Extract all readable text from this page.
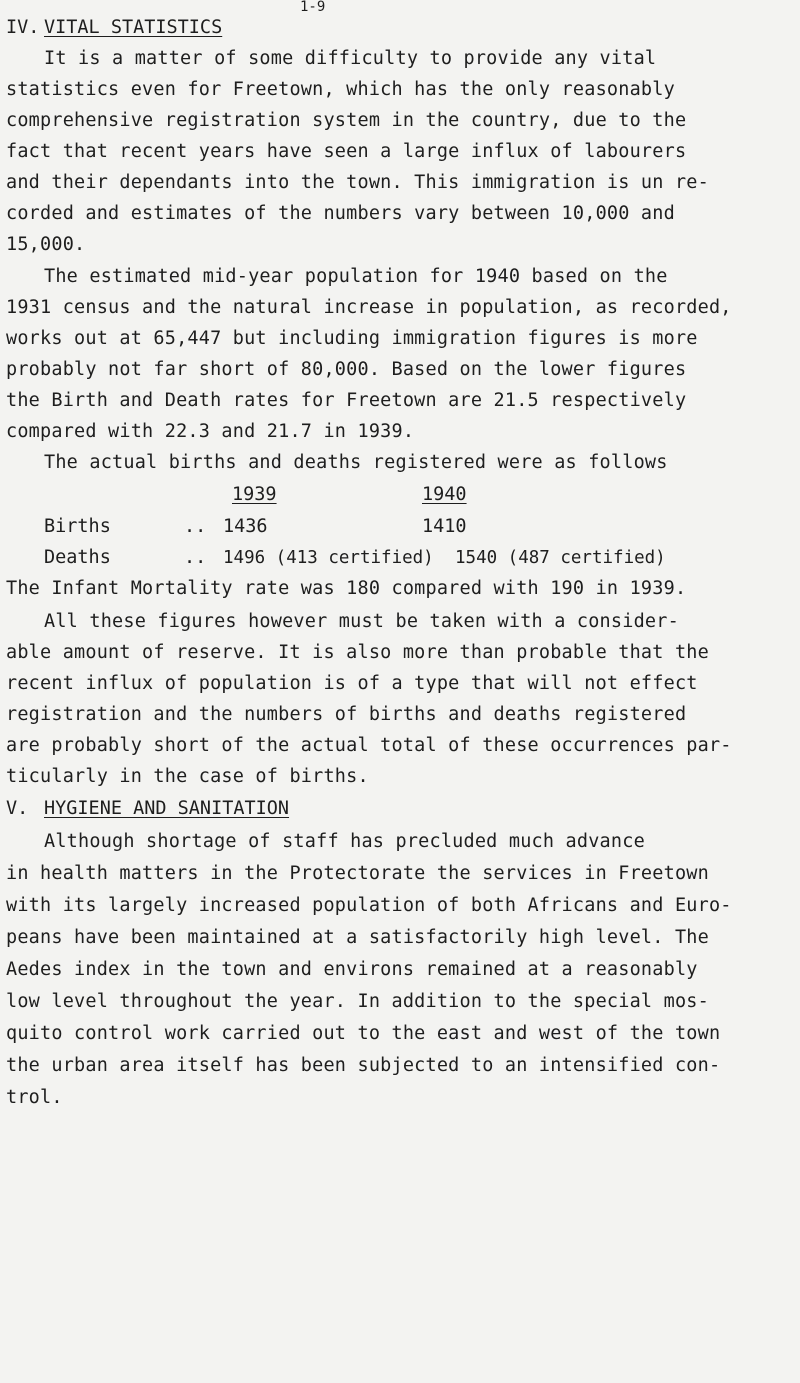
1-9
IV. VITAL STATISTICS
It is a matter of some difficulty to provide any vital
statistics even for Freetown, which has the only reasonably
comprehensive registration system in the country, due to the
fact that recent years have seen a large influx of labourers
and their dependants into the town. This immigration is un re-
corded and estimates of the numbers vary between 10,000 and
15,000.
The estimated mid-year population for 1940 based on the
1931 census and the natural increase in population, as recorded,
works out at 65,447 but including immigration figures is more
probably not far short of 80,000. Based on the lower figures
the Birth and Death rates for Freetown are 21.5 respectively
compared with 22.3 and 21.7 in 1939.
The actual births and deaths registered were as follows
1939	1940
Births	.. 1436	1410
Deaths	.. 1496 (413 certified) 1540 (487 certified)
The Infant Mortality rate was 180 compared with 190 in 1939.
All these figures however must be taken with a consider-
able amount of reserve. It is also more than probable that the
recent influx of population is of a type that will not effect
registration and the numbers of births and deaths registered
are probably short of the actual total of these occurrences par-
ticularly in the case of births.
V. HYGIENE AND SANITATION
Although shortage of staff has precluded much advance
in health matters in the Protectorate the services in Freetown
with its largely increased population of both Africans and Euro-
peans have been maintained at a satisfactorily high level. The
Aedes index in the town and environs remained at a reasonably
low level throughout the year. In addition to the special mos-
quito control work carried out to the east and west of the town
the urban area itself has been subjected to an intensified con-
trol.
